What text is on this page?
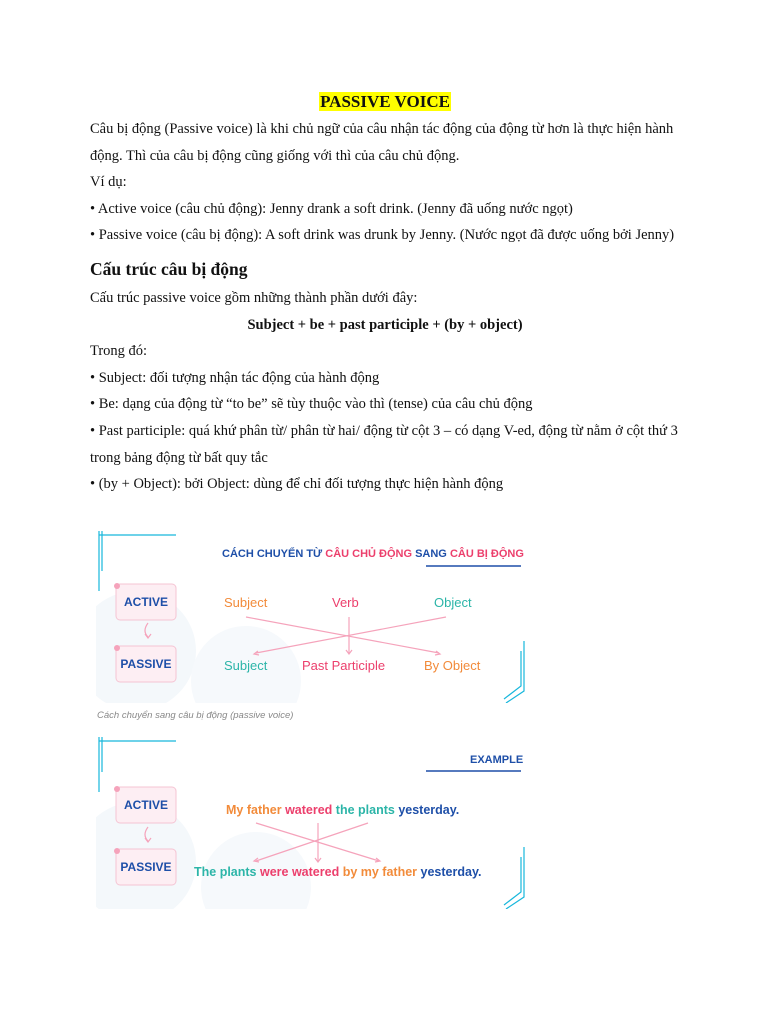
PASSIVE VOICE

Câu bị động (Passive voice) là khi chủ ngữ của câu nhận tác động của động từ hơn là thực hiện hành động. Thì của câu bị động cũng giống với thì của câu chủ động.

Ví dụ:

• Active voice (câu chủ động): Jenny drank a soft drink. (Jenny đã uống nước ngọt)

• Passive voice (câu bị động): A soft drink was drunk by Jenny. (Nước ngọt đã được uống bởi Jenny)

Cấu trúc câu bị động

Cấu trúc passive voice gồm những thành phần dưới đây:

Subject + be + past participle + (by + object)

Trong đó:

• Subject: đối tượng nhận tác động của hành động

• Be: dạng của động từ “to be” sẽ tùy thuộc vào thì (tense) của câu chủ động

• Past participle: quá khứ phân từ/ phân từ hai/ động từ cột 3 – có dạng V-ed, động từ nằm ở cột thứ 3 trong bảng động từ bất quy tắc

• (by + Object): bởi Object: dùng để chỉ đối tượng thực hiện hành động

CÁCH CHUYỂN TỪ CÂU CHỦ ĐỘNG SANG CÂU BỊ ĐỘNG
ACTIVE
PASSIVE
Subject	Verb	Object
Subject	Past Participle	By Object
Cách chuyển sang câu bị động (passive voice)
EXAMPLE
ACTIVE
PASSIVE
My father watered the plants yesterday.
The plants were watered by my father yesterday.
